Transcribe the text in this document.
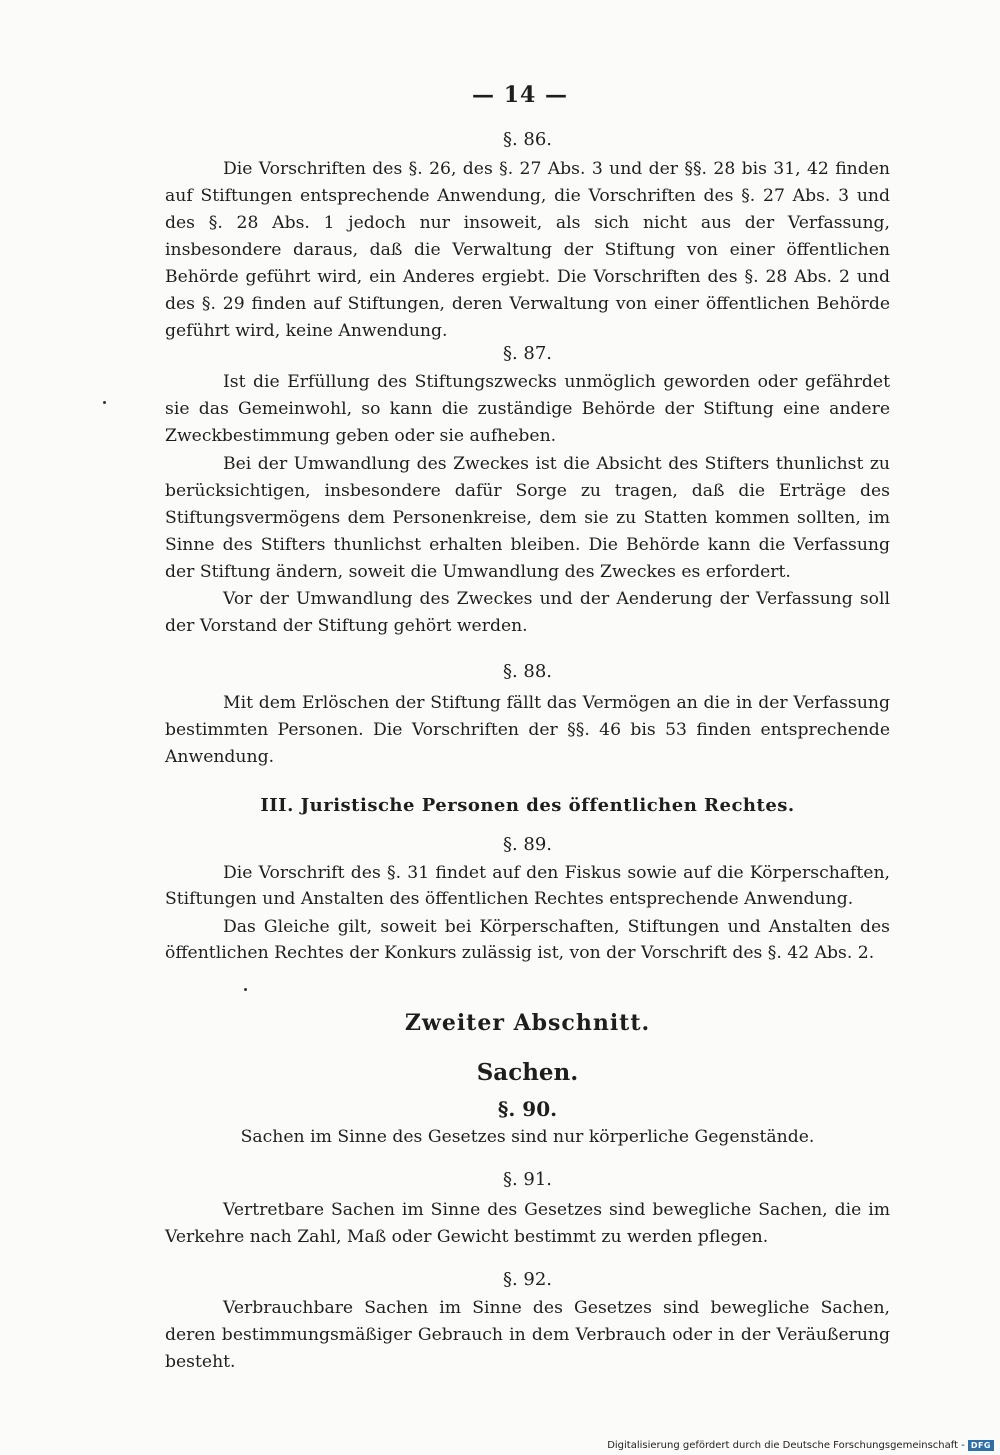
— 14 —
§. 86.
Die Vorschriften des §. 26, des §. 27 Abs. 3 und der §§. 28 bis 31, 42 finden auf Stiftungen entsprechende Anwendung, die Vorschriften des §. 27 Abs. 3 und des §. 28 Abs. 1 jedoch nur insoweit, als sich nicht aus der Verfassung, insbesondere daraus, daß die Verwaltung der Stiftung von einer öffentlichen Behörde geführt wird, ein Anderes ergiebt. Die Vorschriften des §. 28 Abs. 2 und des §. 29 finden auf Stiftungen, deren Verwaltung von einer öffentlichen Behörde geführt wird, keine Anwendung.
§. 87.
Ist die Erfüllung des Stiftungszwecks unmöglich geworden oder gefährdet sie das Gemeinwohl, so kann die zuständige Behörde der Stiftung eine andere Zweckbestimmung geben oder sie aufheben.
Bei der Umwandlung des Zweckes ist die Absicht des Stifters thunlichst zu berücksichtigen, insbesondere dafür Sorge zu tragen, daß die Erträge des Stiftungsvermögens dem Personenkreise, dem sie zu Statten kommen sollten, im Sinne des Stifters thunlichst erhalten bleiben. Die Behörde kann die Verfassung der Stiftung ändern, soweit die Umwandlung des Zweckes es erfordert.
Vor der Umwandlung des Zweckes und der Aenderung der Verfassung soll der Vorstand der Stiftung gehört werden.
§. 88.
Mit dem Erlöschen der Stiftung fällt das Vermögen an die in der Verfassung bestimmten Personen. Die Vorschriften der §§. 46 bis 53 finden entsprechende Anwendung.
III. Juristische Personen des öffentlichen Rechtes.
§. 89.
Die Vorschrift des §. 31 findet auf den Fiskus sowie auf die Körperschaften, Stiftungen und Anstalten des öffentlichen Rechtes entsprechende Anwendung.
Das Gleiche gilt, soweit bei Körperschaften, Stiftungen und Anstalten des öffentlichen Rechtes der Konkurs zulässig ist, von der Vorschrift des §. 42 Abs. 2.
Zweiter Abschnitt.
Sachen.
§. 90.
Sachen im Sinne des Gesetzes sind nur körperliche Gegenstände.
§. 91.
Vertretbare Sachen im Sinne des Gesetzes sind bewegliche Sachen, die im Verkehre nach Zahl, Maß oder Gewicht bestimmt zu werden pflegen.
§. 92.
Verbrauchbare Sachen im Sinne des Gesetzes sind bewegliche Sachen, deren bestimmungsmäßiger Gebrauch in dem Verbrauch oder in der Veräußerung besteht.
Digitalisierung gefördert durch die Deutsche Forschungsgemeinschaft - DFG
